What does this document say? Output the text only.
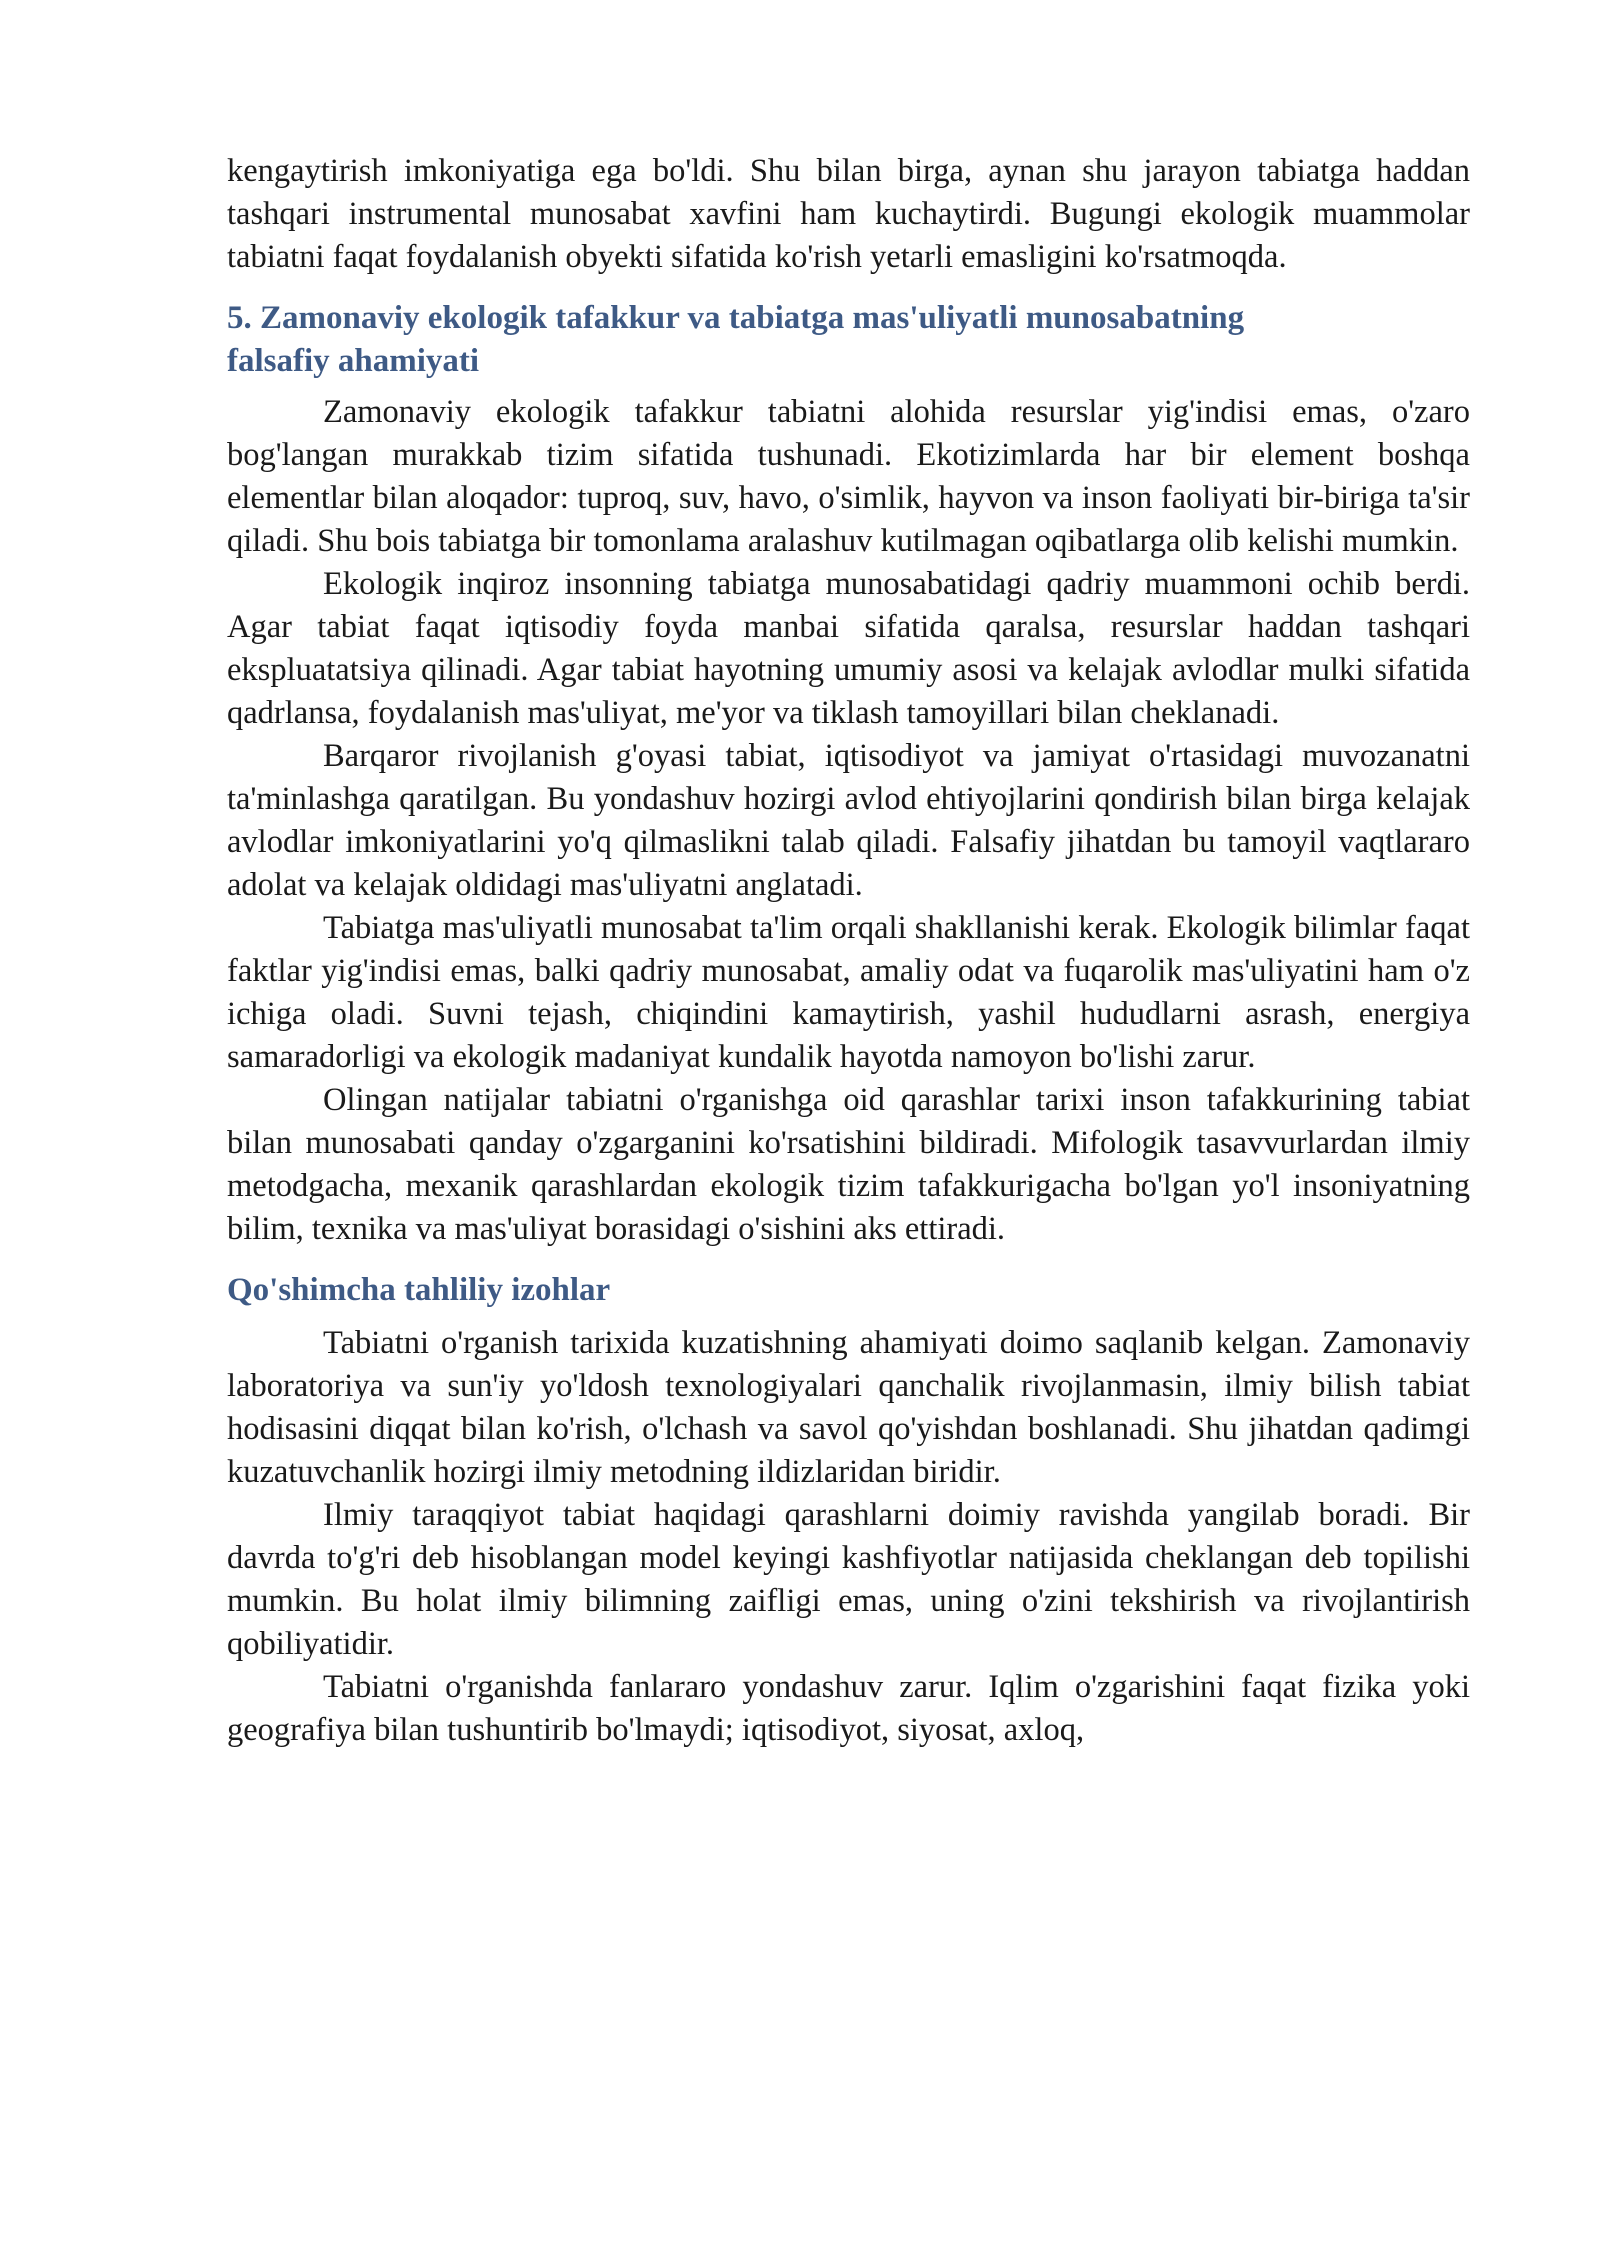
kengaytirish imkoniyatiga ega bo'ldi. Shu bilan birga, aynan shu jarayon tabiatga haddan tashqari instrumental munosabat xavfini ham kuchaytirdi. Bugungi ekologik muammolar tabiatni faqat foydalanish obyekti sifatida ko'rish yetarli emasligini ko'rsatmoqda.

5. Zamonaviy ekologik tafakkur va tabiatga mas'uliyatli munosabatning
falsafiy ahamiyati

Zamonaviy ekologik tafakkur tabiatni alohida resurslar yig'indisi emas, o'zaro bog'langan murakkab tizim sifatida tushunadi. Ekotizimlarda har bir element boshqa elementlar bilan aloqador: tuproq, suv, havo, o'simlik, hayvon va inson faoliyati bir-biriga ta'sir qiladi. Shu bois tabiatga bir tomonlama aralashuv kutilmagan oqibatlarga olib kelishi mumkin.

Ekologik inqiroz insonning tabiatga munosabatidagi qadriy muammoni ochib berdi. Agar tabiat faqat iqtisodiy foyda manbai sifatida qaralsa, resurslar haddan tashqari ekspluatatsiya qilinadi. Agar tabiat hayotning umumiy asosi va kelajak avlodlar mulki sifatida qadrlansa, foydalanish mas'uliyat, me'yor va tiklash tamoyillari bilan cheklanadi.

Barqaror rivojlanish g'oyasi tabiat, iqtisodiyot va jamiyat o'rtasidagi muvozanatni ta'minlashga qaratilgan. Bu yondashuv hozirgi avlod ehtiyojlarini qondirish bilan birga kelajak avlodlar imkoniyatlarini yo'q qilmaslikni talab qiladi. Falsafiy jihatdan bu tamoyil vaqtlararo adolat va kelajak oldidagi mas'uliyatni anglatadi.

Tabiatga mas'uliyatli munosabat ta'lim orqali shakllanishi kerak. Ekologik bilimlar faqat faktlar yig'indisi emas, balki qadriy munosabat, amaliy odat va fuqarolik mas'uliyatini ham o'z ichiga oladi. Suvni tejash, chiqindini kamaytirish, yashil hududlarni asrash, energiya samaradorligi va ekologik madaniyat kundalik hayotda namoyon bo'lishi zarur.

Olingan natijalar tabiatni o'rganishga oid qarashlar tarixi inson tafakkurining tabiat bilan munosabati qanday o'zgarganini ko'rsatishini bildiradi. Mifologik tasavvurlardan ilmiy metodgacha, mexanik qarashlardan ekologik tizim tafakkurigacha bo'lgan yo'l insoniyatning bilim, texnika va mas'uliyat borasidagi o'sishini aks ettiradi.

Qo'shimcha tahliliy izohlar

Tabiatni o'rganish tarixida kuzatishning ahamiyati doimo saqlanib kelgan. Zamonaviy laboratoriya va sun'iy yo'ldosh texnologiyalari qanchalik rivojlanmasin, ilmiy bilish tabiat hodisasini diqqat bilan ko'rish, o'lchash va savol qo'yishdan boshlanadi. Shu jihatdan qadimgi kuzatuvchanlik hozirgi ilmiy metodning ildizlaridan biridir.

Ilmiy taraqqiyot tabiat haqidagi qarashlarni doimiy ravishda yangilab boradi. Bir davrda to'g'ri deb hisoblangan model keyingi kashfiyotlar natijasida cheklangan deb topilishi mumkin. Bu holat ilmiy bilimning zaifligi emas, uning o'zini tekshirish va rivojlantirish qobiliyatidir.

Tabiatni o'rganishda fanlararo yondashuv zarur. Iqlim o'zgarishini faqat fizika yoki geografiya bilan tushuntirib bo'lmaydi; iqtisodiyot, siyosat, axloq,
